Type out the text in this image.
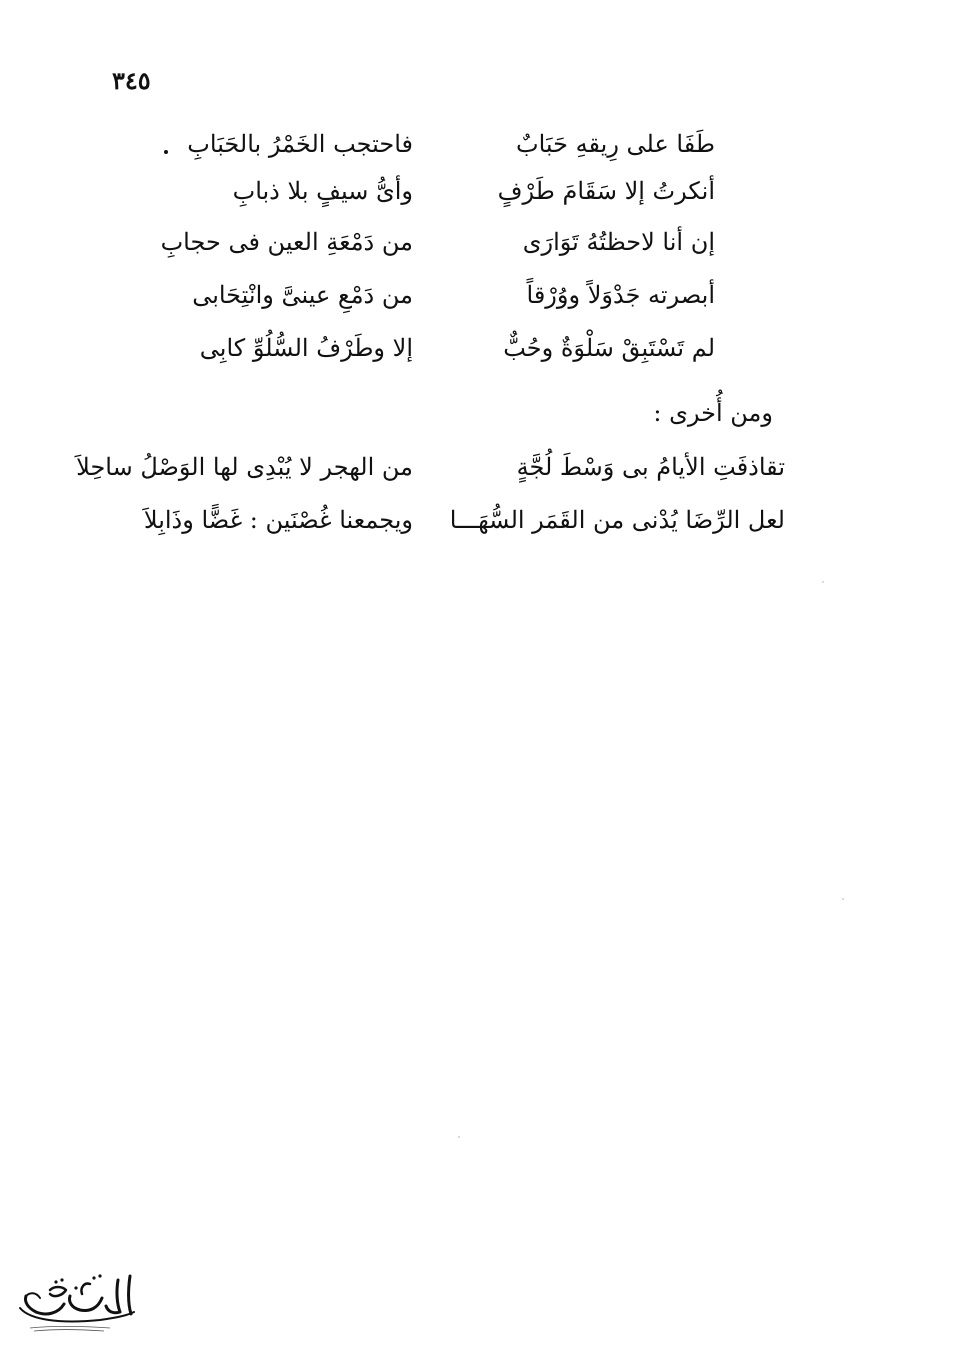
٣٤٥
طَفَا على رِيقهِ حَبَابٌ
فاحتجب الخَمْرُ بالحَبَابِ
أنكرتُ إلا سَقَامَ طَرْفٍ
وأىُّ سيفٍ بلا ذبابِ
إن أنا لاحظتُهُ تَوَارَى
من دَمْعَةِ العين فى حجابِ
أبصرته جَدْوَلاً ووُرْقاً
من دَمْعِ عينىَّ وانْتِحَابى
لم تَسْتَبِقْ سَلْوَةٌ وحُبٌّ
إلا وطَرْفُ السُّلُوِّ كابِى
ومن أُخرى :
تقاذفَتِ الأيامُ بى وَسْطَ لُجَّةٍ
من الهجر لا يُبْدِى لها الوَصْلُ ساحِلاَ
لعل الرِّضَا يُدْنى من القَمَر السُّهَـــا
ويجمعنا غُصْنَين : غَضًّا وذَابِلاَ
